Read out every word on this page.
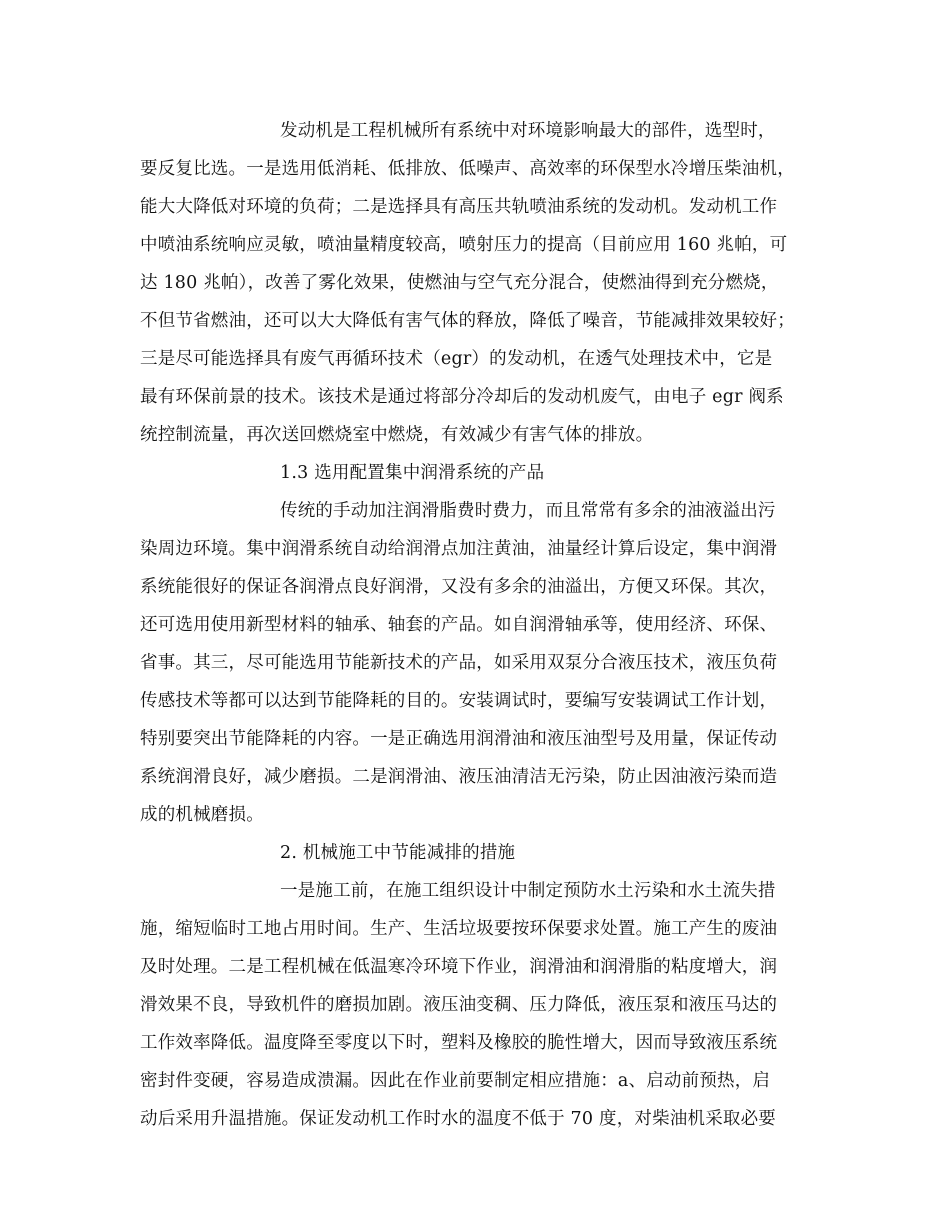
发动机是工程机械所有系统中对环境影响最大的部件，选型时，
要反复比选。一是选用低消耗、低排放、低噪声、高效率的环保型水冷增压柴油机，
能大大降低对环境的负荷；二是选择具有高压共轨喷油系统的发动机。发动机工作
中喷油系统响应灵敏，喷油量精度较高，喷射压力的提高（目前应用 160 兆帕，可
达 180 兆帕），改善了雾化效果，使燃油与空气充分混合，使燃油得到充分燃烧，
不但节省燃油，还可以大大降低有害气体的释放，降低了噪音，节能减排效果较好；
三是尽可能选择具有废气再循环技术（egr）的发动机，在透气处理技术中，它是
最有环保前景的技术。该技术是通过将部分冷却后的发动机废气，由电子 egr 阀系
统控制流量，再次送回燃烧室中燃烧，有效减少有害气体的排放。
1.3 选用配置集中润滑系统的产品
传统的手动加注润滑脂费时费力，而且常常有多余的油液溢出污
染周边环境。集中润滑系统自动给润滑点加注黄油，油量经计算后设定，集中润滑
系统能很好的保证各润滑点良好润滑，又没有多余的油溢出，方便又环保。其次，
还可选用使用新型材料的轴承、轴套的产品。如自润滑轴承等，使用经济、环保、
省事。其三，尽可能选用节能新技术的产品，如采用双泵分合液压技术，液压负荷
传感技术等都可以达到节能降耗的目的。安装调试时，要编写安装调试工作计划，
特别要突出节能降耗的内容。一是正确选用润滑油和液压油型号及用量，保证传动
系统润滑良好，减少磨损。二是润滑油、液压油清洁无污染，防止因油液污染而造
成的机械磨损。
2. 机械施工中节能减排的措施
一是施工前，在施工组织设计中制定预防水土污染和水土流失措
施，缩短临时工地占用时间。生产、生活垃圾要按环保要求处置。施工产生的废油
及时处理。二是工程机械在低温寒冷环境下作业，润滑油和润滑脂的粘度增大，润
滑效果不良，导致机件的磨损加剧。液压油变稠、压力降低，液压泵和液压马达的
工作效率降低。温度降至零度以下时，塑料及橡胶的脆性增大，因而导致液压系统
密封件变硬，容易造成溃漏。因此在作业前要制定相应措施：a、启动前预热，启
动后采用升温措施。保证发动机工作时水的温度不低于 70 度，对柴油机采取必要
